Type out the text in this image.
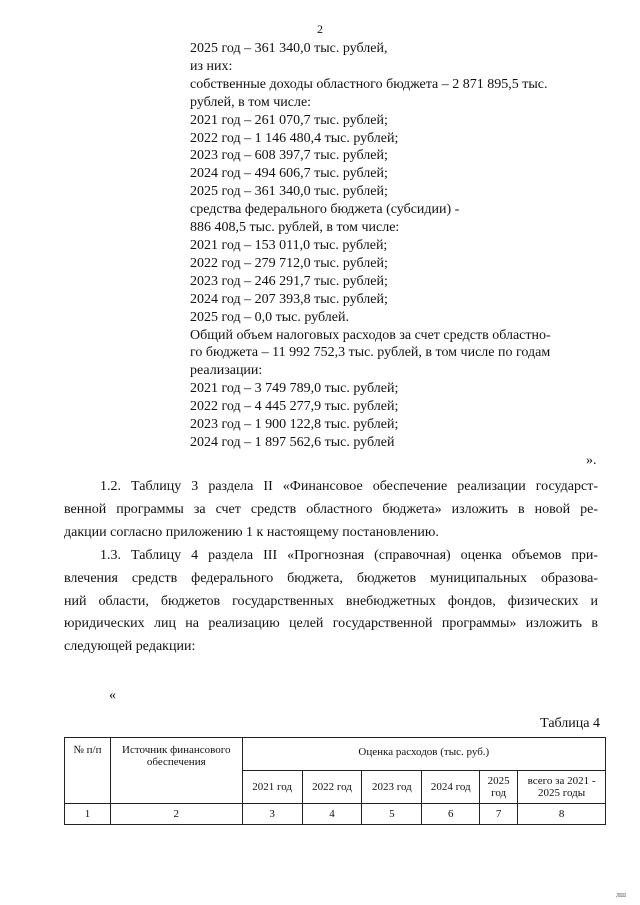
2
2025 год – 361 340,0 тыс. рублей,
из них:
собственные доходы областного бюджета – 2 871 895,5 тыс.
рублей, в том числе:
2021 год – 261 070,7 тыс. рублей;
2022 год – 1 146 480,4 тыс. рублей;
2023 год – 608 397,7 тыс. рублей;
2024 год – 494 606,7 тыс. рублей;
2025 год – 361 340,0 тыс. рублей;
средства федерального бюджета (субсидии) -
886 408,5 тыс. рублей, в том числе:
2021 год – 153 011,0 тыс. рублей;
2022 год – 279 712,0 тыс. рублей;
2023 год – 246 291,7 тыс. рублей;
2024 год – 207 393,8 тыс. рублей;
2025 год – 0,0 тыс. рублей.
Общий объем налоговых расходов за счет средств областно-
го бюджета – 11 992 752,3 тыс. рублей, в том числе по годам
реализации:
2021 год – 3 749 789,0 тыс. рублей;
2022 год – 4 445 277,9 тыс. рублей;
2023 год – 1 900 122,8 тыс. рублей;
2024 год – 1 897 562,6 тыс. рублей
».
1.2. Таблицу 3 раздела II «Финансовое обеспечение реализации государст-
венной программы за счет средств областного бюджета» изложить в новой ре-
дакции согласно приложению 1 к настоящему постановлению.
1.3. Таблицу 4 раздела III «Прогнозная (справочная) оценка объемов при-
влечения средств федерального бюджета, бюджетов муниципальных образова-
ний области, бюджетов государственных внебюджетных фондов, физических и
юридических лиц на реализацию целей государственной программы» изложить в
следующей редакции:
«
Таблица 4
№ п/п	Источник финансового обеспечения	Оценка расходов (тыс. руб.)					
		2021 год	2022 год	2023 год	2024 год	2025 год	всего за 2021 - 2025 годы
1	2	3	4	5	6	7	8
ЛШ
